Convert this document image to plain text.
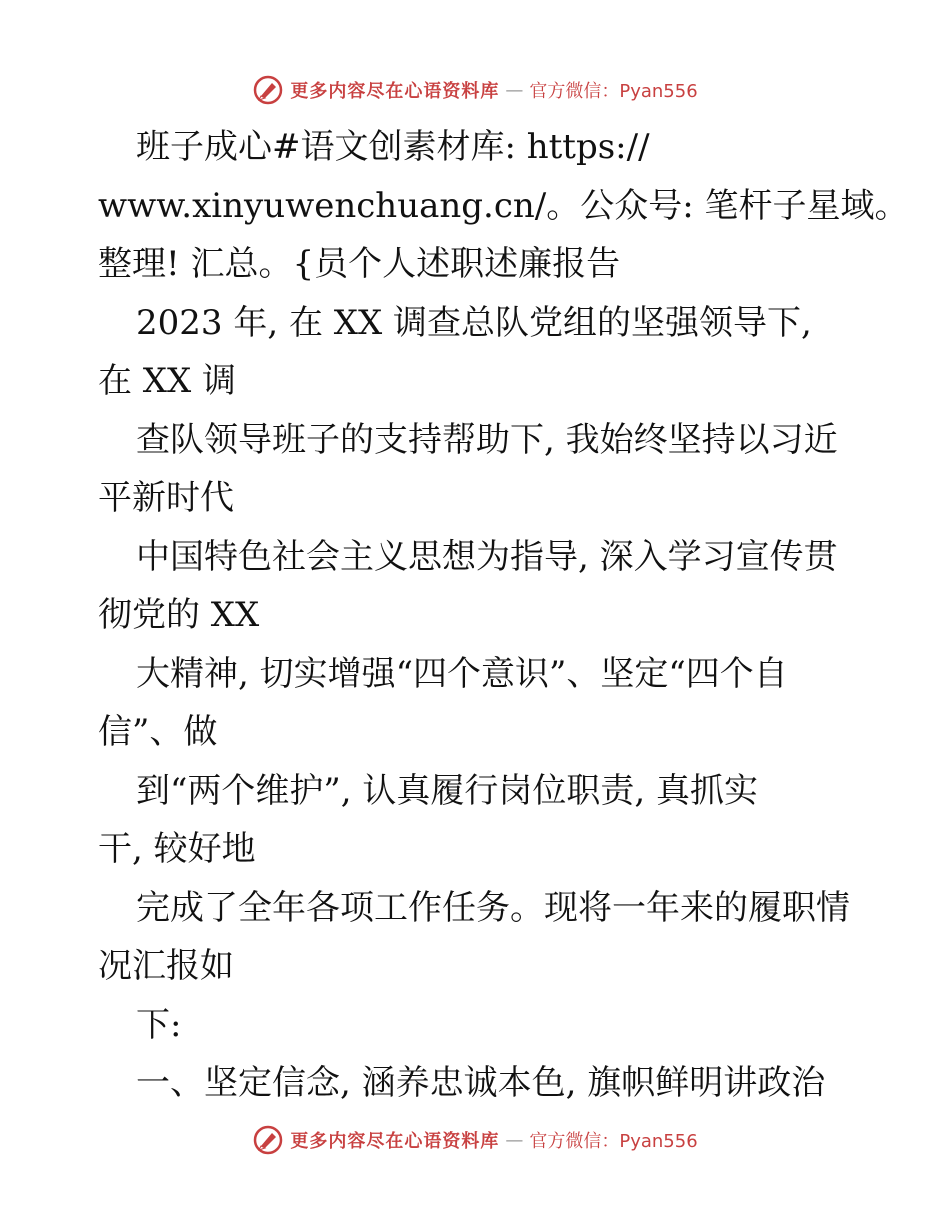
更多内容尽在心语资料库 — 官方微信：Pyan556
班子成心#语文创素材库: https://
www.xinyuwenchuang.cn/。公众号: 笔杆子星域。
整理! 汇总。{员个人述职述廉报告
2023 年, 在 XX 调查总队党组的坚强领导下,
在 XX 调
查队领导班子的支持帮助下, 我始终坚持以习近
平新时代
中国特色社会主义思想为指导, 深入学习宣传贯
彻党的 XX
大精神, 切实增强“四个意识”、坚定“四个自
信”、做
到“两个维护”, 认真履行岗位职责, 真抓实
干, 较好地
完成了全年各项工作任务。现将一年来的履职情
况汇报如
下:
一、坚定信念, 涵养忠诚本色, 旗帜鲜明讲政治
更多内容尽在心语资料库 — 官方微信：Pyan556
